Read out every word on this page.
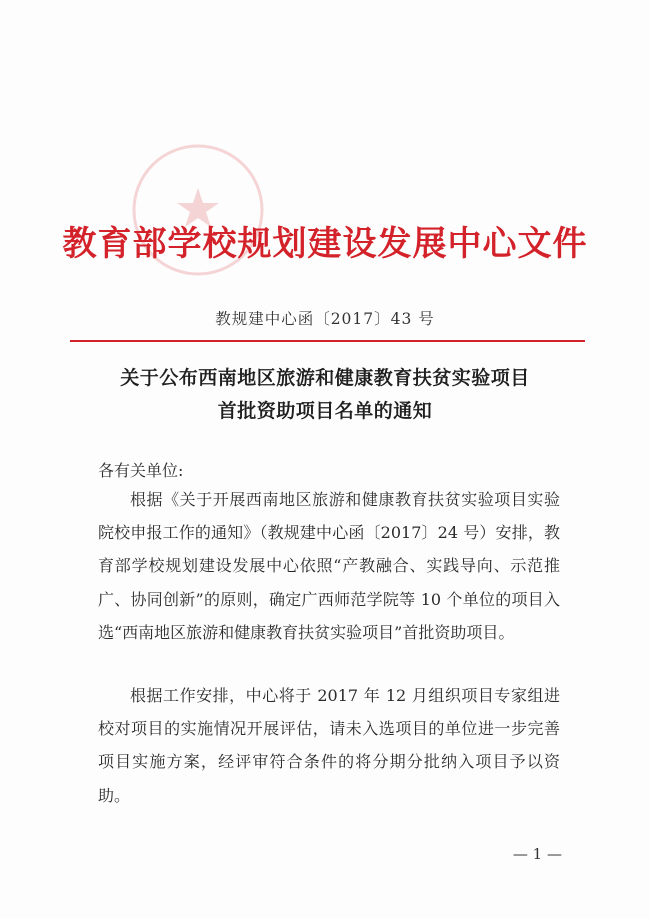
教育部学校规划建设发展中心文件
教规建中心函〔2017〕43 号
关于公布西南地区旅游和健康教育扶贫实验项目
首批资助项目名单的通知
各有关单位:

根据《关于开展西南地区旅游和健康教育扶贫实验项目实验院校申报工作的通知》（教规建中心函〔2017〕24 号）安排，教育部学校规划建设发展中心依照“产教融合、实践导向、示范推广、协同创新”的原则，确定广西师范学院等 10 个单位的项目入选“西南地区旅游和健康教育扶贫实验项目”首批资助项目。

根据工作安排，中心将于 2017 年 12 月组织项目专家组进校对项目的实施情况开展评估，请未入选项目的单位进一步完善项目实施方案，经评审符合条件的将分期分批纳入项目予以资助。

— 1 —
